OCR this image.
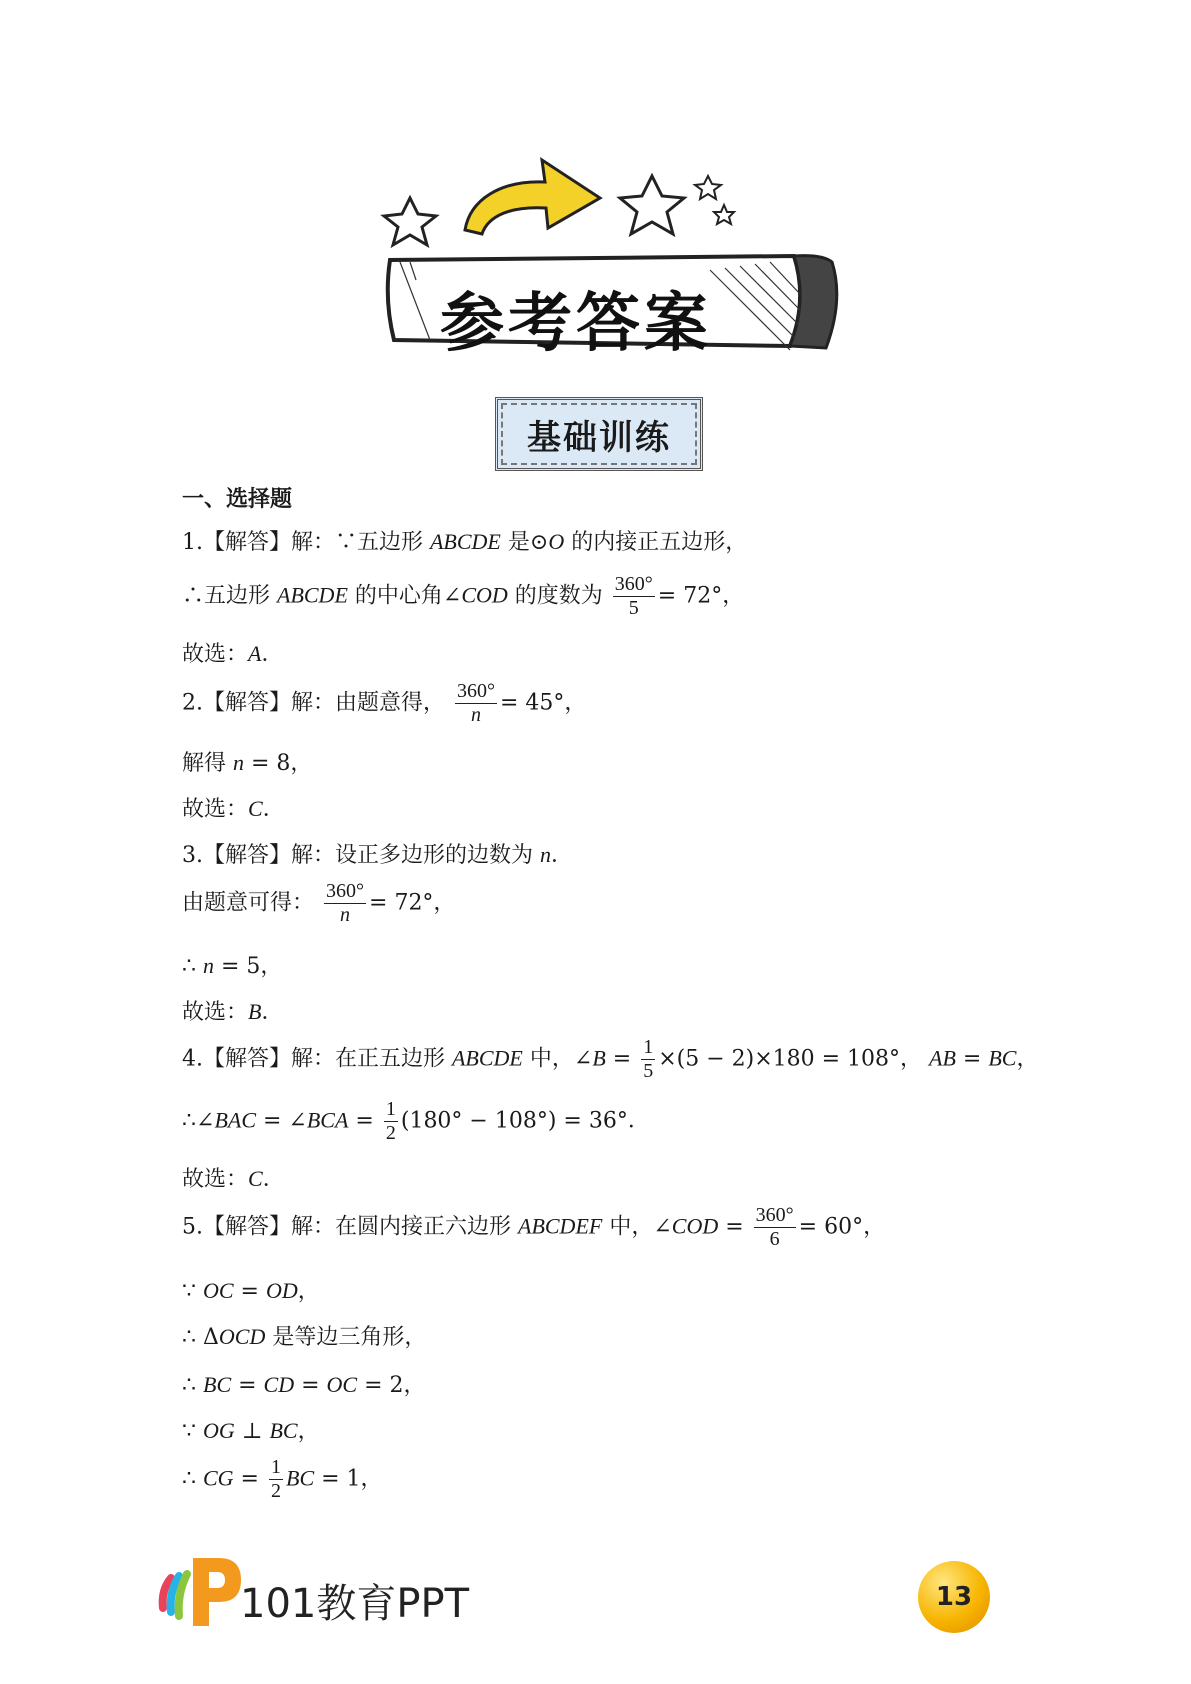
参考答案
基础训练
一、选择题
1.【解答】解：∵五边形 ABCDE 是⊙O 的内接正五边形，
∴五边形 ABCDE 的中心角∠COD 的度数为 $\frac{360^\circ}{5} = 72^\circ$，
故选：A．
2.【解答】解：由题意得， $\frac{360^\circ}{n} = 45^\circ$，
解得 n = 8，
故选：C．
3.【解答】解：设正多边形的边数为 n．
由题意可得： $\frac{360^\circ}{n} = 72^\circ$，
∴ n = 5，
故选：B．
4.【解答】解：在正五边形 ABCDE 中，∠B = $\frac{1}{5} \times(5 - 2)\times 180 = 108^\circ$， AB = BC，
∴∠BAC = ∠BCA = $\frac{1}{2} (180^\circ - 108^\circ) = 36^\circ$．
故选：C．
5.【解答】解：在圆内接正六边形 ABCDEF 中，∠COD = $\frac{360^\circ}{6} = 60^\circ$，
∵ OC = OD，
∴ ΔOCD 是等边三角形，
∴ BC = CD = OC = 2，
∵ OG ⊥ BC，
∴ CG = $\frac{1}{2}$ BC = 1，
101教育PPT	13
